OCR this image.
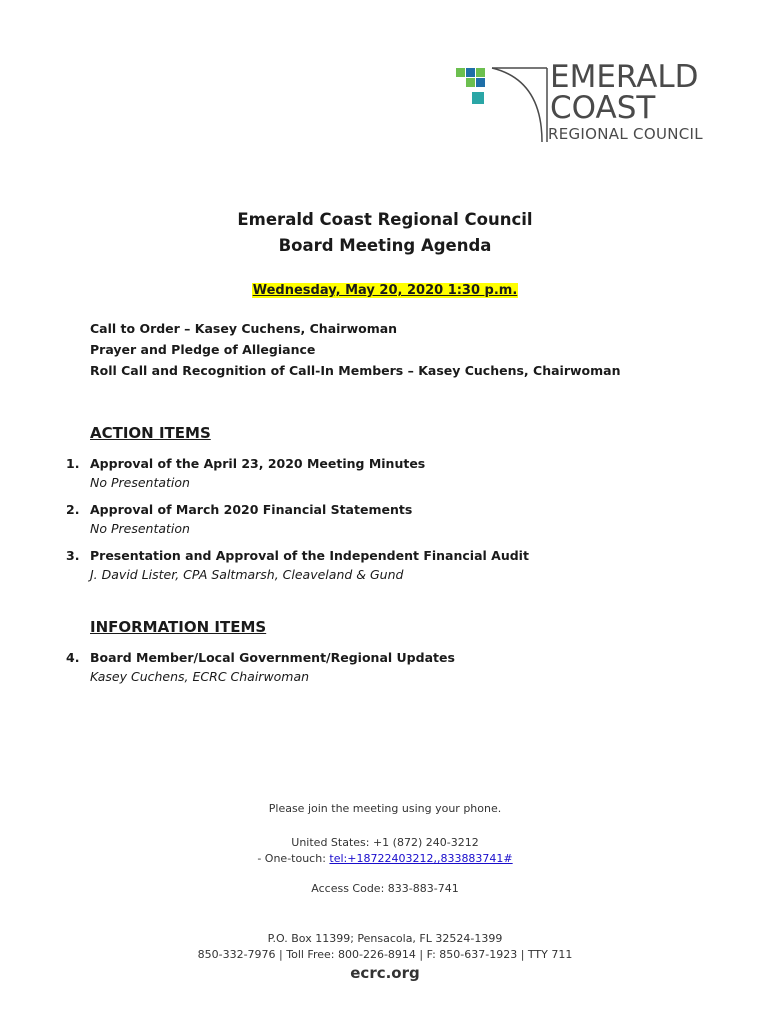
EMERALD
COAST
REGIONAL COUNCIL
Emerald Coast Regional Council
Board Meeting Agenda
Wednesday, May 20, 2020 1:30 p.m.
Call to Order – Kasey Cuchens, Chairwoman
Prayer and Pledge of Allegiance
Roll Call and Recognition of Call-In Members – Kasey Cuchens, Chairwoman
ACTION ITEMS
1. Approval of the April 23, 2020 Meeting Minutes
No Presentation
2. Approval of March 2020 Financial Statements
No Presentation
3. Presentation and Approval of the Independent Financial Audit
J. David Lister, CPA Saltmarsh, Cleaveland & Gund
INFORMATION ITEMS
4. Board Member/Local Government/Regional Updates
Kasey Cuchens, ECRC Chairwoman
Please join the meeting using your phone.
United States: +1 (872) 240-3212
- One-touch: tel:+18722403212,,833883741#
Access Code: 833-883-741
P.O. Box 11399; Pensacola, FL 32524-1399
850-332-7976 | Toll Free: 800-226-8914 | F: 850-637-1923 | TTY 711
ecrc.org
